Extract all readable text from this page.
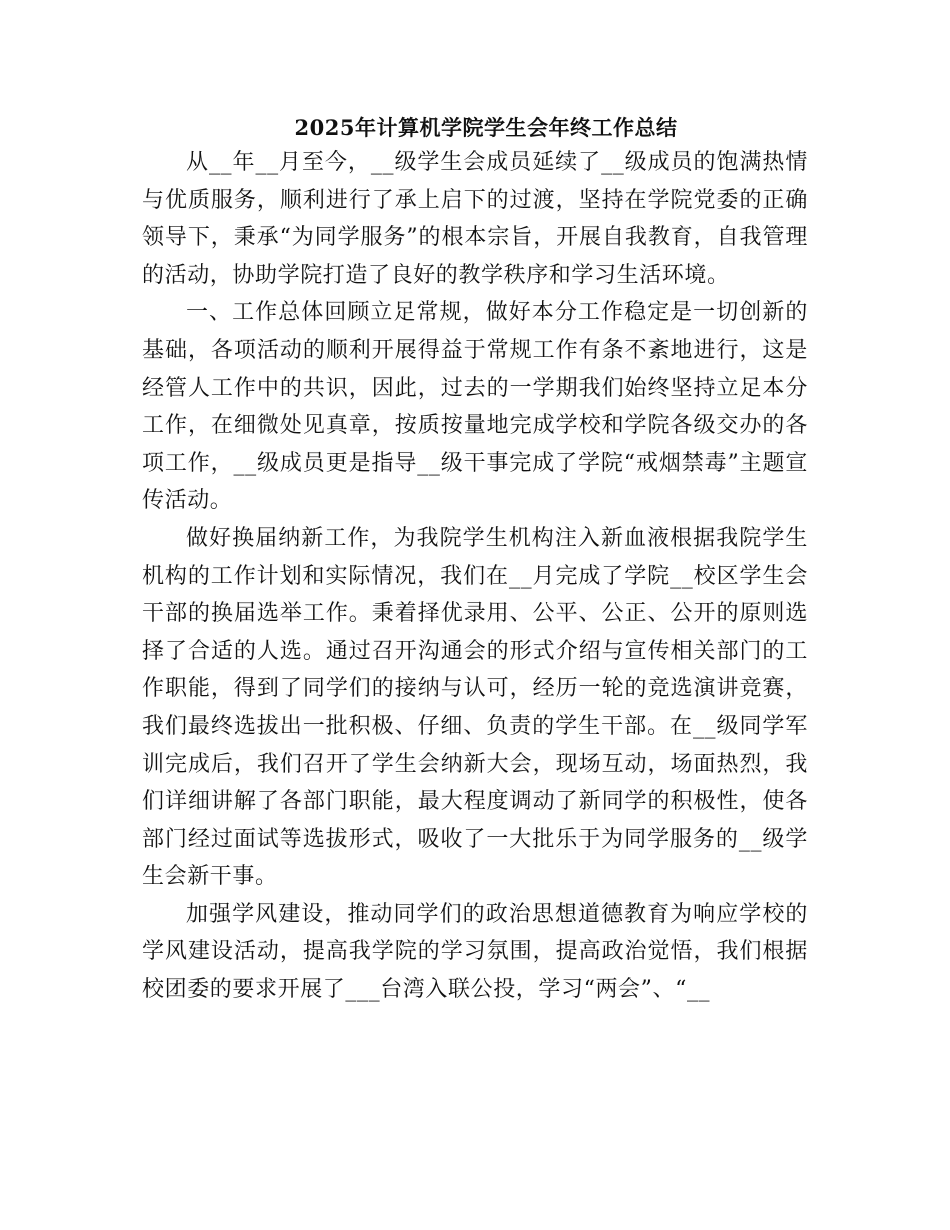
2025年计算机学院学生会年终工作总结

从__年__月至今，__级学生会成员延续了__级成员的饱满热情与优质服务，顺利进行了承上启下的过渡，坚持在学院党委的正确领导下，秉承“为同学服务”的根本宗旨，开展自我教育，自我管理的活动，协助学院打造了良好的教学秩序和学习生活环境。

一、工作总体回顾立足常规，做好本分工作稳定是一切创新的基础，各项活动的顺利开展得益于常规工作有条不紊地进行，这是经管人工作中的共识，因此，过去的一学期我们始终坚持立足本分工作，在细微处见真章，按质按量地完成学校和学院各级交办的各项工作，__级成员更是指导__级干事完成了学院“戒烟禁毒”主题宣传活动。

做好换届纳新工作，为我院学生机构注入新血液根据我院学生机构的工作计划和实际情况，我们在__月完成了学院__校区学生会干部的换届选举工作。秉着择优录用、公平、公正、公开的原则选择了合适的人选。通过召开沟通会的形式介绍与宣传相关部门的工作职能，得到了同学们的接纳与认可，经历一轮的竞选演讲竞赛，我们最终选拔出一批积极、仔细、负责的学生干部。在__级同学军训完成后，我们召开了学生会纳新大会，现场互动，场面热烈，我们详细讲解了各部门职能，最大程度调动了新同学的积极性，使各部门经过面试等选拔形式，吸收了一大批乐于为同学服务的__级学生会新干事。

加强学风建设，推动同学们的政治思想道德教育为响应学校的学风建设活动，提高我学院的学习氛围，提高政治觉悟，我们根据校团委的要求开展了___台湾入联公投，学习“两会”、“__
